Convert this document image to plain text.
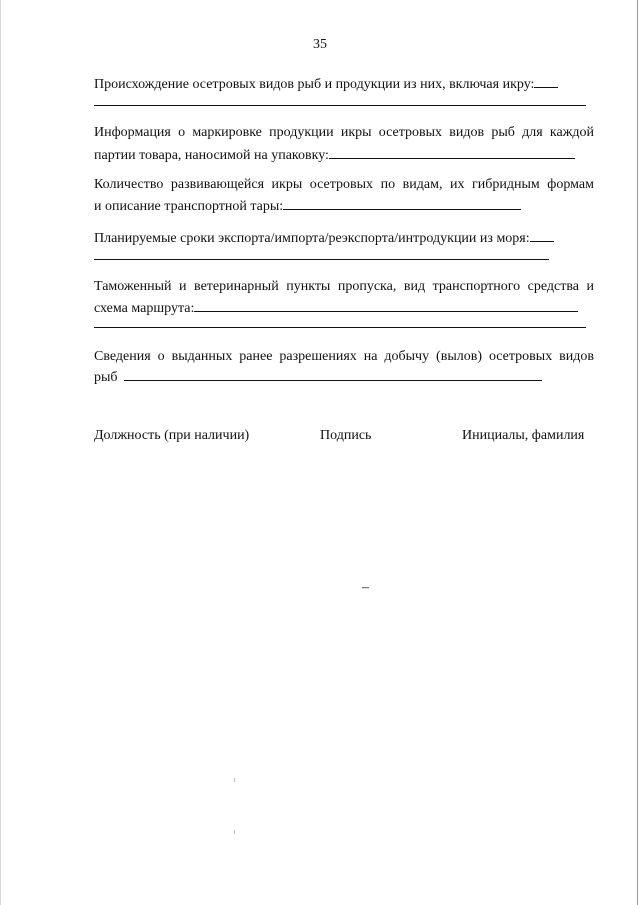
35
Происхождение осетровых видов рыб и продукции из них, включая икру:
Информация о маркировке продукции икры осетровых видов рыб для каждой
партии товара, наносимой на упаковку:
Количество развивающейся икры осетровых по видам, их гибридным формам
и описание транспортной тары:
Планируемые сроки экспорта/импорта/реэкспорта/интродукции из моря:
Таможенный и ветеринарный пункты пропуска, вид транспортного средства и
схема маршрута:
Сведения о выданных ранее разрешениях на добычу (вылов) осетровых видов
рыб
Должность (при наличии)	Подпись	Инициалы, фамилия
–
